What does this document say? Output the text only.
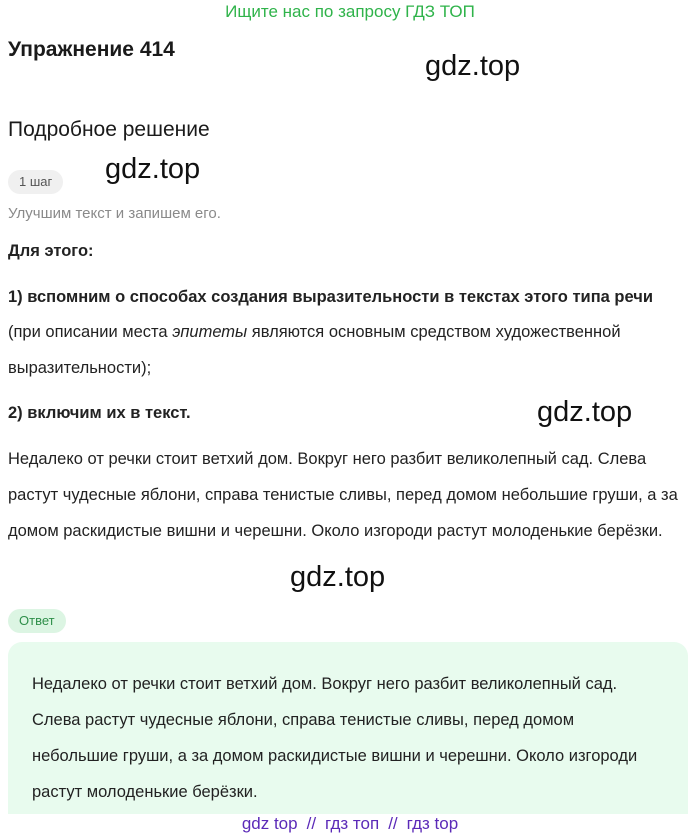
Ищите нас по запросу ГДЗ ТОП
Упражнение 414
gdz.top
Подробное решение
gdz.top
1 шаг
Улучшим текст и запишем его.
Для этого:
1) вспомним о способах создания выразительности в текстах этого типа речи
(при описании места эпитеты являются основным средством художественной выразительности);
2) включим их в текст.	gdz.top
Недалеко от речки стоит ветхий дом. Вокруг него разбит великолепный сад. Слева растут чудесные яблони, справа тенистые сливы, перед домом небольшие груши, а за домом раскидистые вишни и черешни. Около изгороди растут молоденькие берёзки.
gdz.top
Ответ
Недалеко от речки стоит ветхий дом. Вокруг него разбит великолепный сад. Слева растут чудесные яблони, справа тенистые сливы, перед домом небольшие груши, а за домом раскидистые вишни и черешни. Около изгороди растут молоденькие берёзки.
gdz top // гдз топ // гдз top
